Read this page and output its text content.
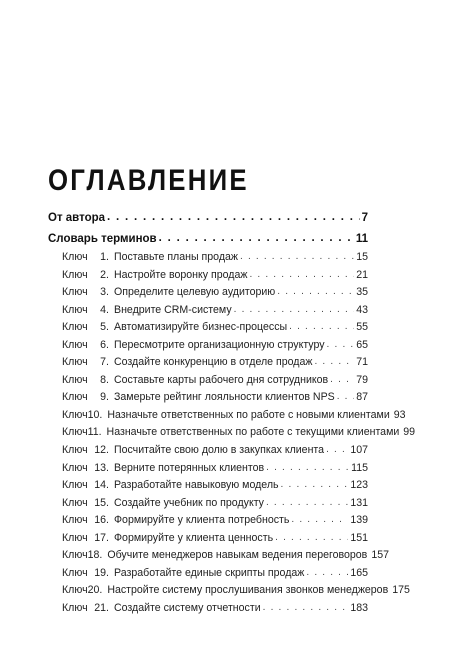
ОГЛАВЛЕНИЕ
От автора . . .	7
Словарь терминов . . .	11
Ключ	1. Поставьте планы продаж . . .	15
Ключ	2. Настройте воронку продаж . . .	21
Ключ	3. Определите целевую аудиторию . . .	35
Ключ	4. Внедрите CRM-систему . . .	43
Ключ	5. Автоматизируйте бизнес-процессы . . .	55
Ключ	6. Пересмотрите организационную структуру . . .	65
Ключ	7. Создайте конкуренцию в отделе продаж . . .	71
Ключ	8. Составьте карты рабочего дня сотрудников . . .	79
Ключ	9. Замерьте рейтинг лояльности клиентов NPS . . . 87
Ключ 10. Назначьте ответственных по работе с новыми клиентами 93
Ключ 11. Назначьте ответственных по работе с текущими клиентами 99
Ключ 12. Посчитайте свою долю в закупках клиента . . . 107
Ключ 13. Верните потерянных клиентов . . .	115
Ключ 14. Разработайте навыковую модель . . .	123
Ключ 15. Создайте учебник по продукту . . .	131
Ключ 16. Формируйте у клиента потребность . . .	139
Ключ 17. Формируйте у клиента ценность . . .	151
Ключ 18. Обучите менеджеров навыкам ведения переговоров 157
Ключ 19. Разработайте единые скрипты продаж . . .	165
Ключ 20. Настройте систему прослушивания звонков менеджеров 175
Ключ 21. Создайте систему отчетности . . .	183
